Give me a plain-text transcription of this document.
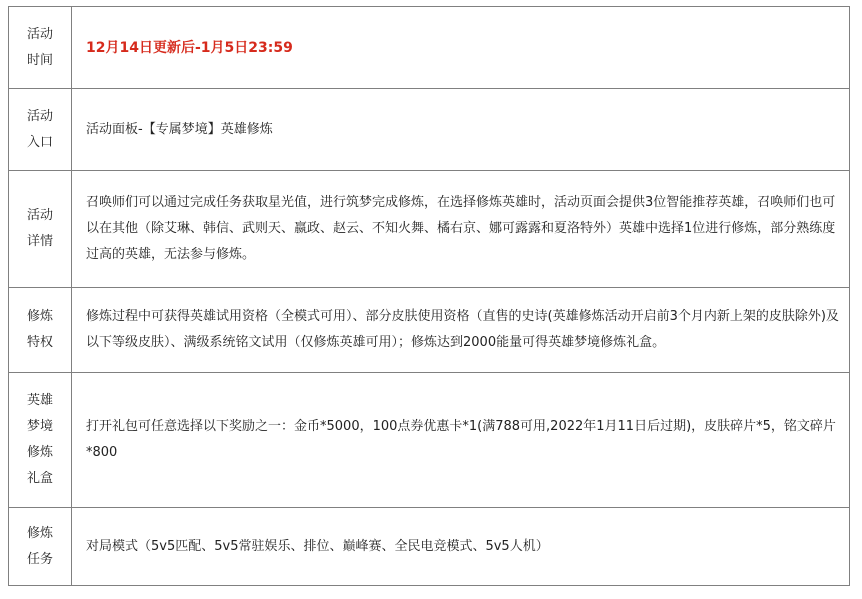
活动
时间
12月14日更新后-1月5日23:59
活动
入口
活动面板-【专属梦境】英雄修炼
活动
详情
召唤师们可以通过完成任务获取星光值，进行筑梦完成修炼，在选择修炼英雄时，活动页面会提供3位智能推荐英雄，召唤师们也可以在其他（除艾琳、韩信、武则天、嬴政、赵云、不知火舞、橘右京、娜可露露和夏洛特外）英雄中选择1位进行修炼，部分熟练度过高的英雄，无法参与修炼。
修炼
特权
修炼过程中可获得英雄试用资格（全模式可用）、部分皮肤使用资格（直售的史诗(英雄修炼活动开启前3个月内新上架的皮肤除外)及以下等级皮肤）、满级系统铭文试用（仅修炼英雄可用）；修炼达到2000能量可得英雄梦境修炼礼盒。
英雄
梦境
修炼
礼盒
打开礼包可任意选择以下奖励之一：金币*5000，100点券优惠卡*1(满788可用,2022年1月11日后过期)，皮肤碎片*5，铭文碎片*800
修炼
任务
对局模式（5v5匹配、5v5常驻娱乐、排位、巅峰赛、全民电竞模式、5v5人机）
